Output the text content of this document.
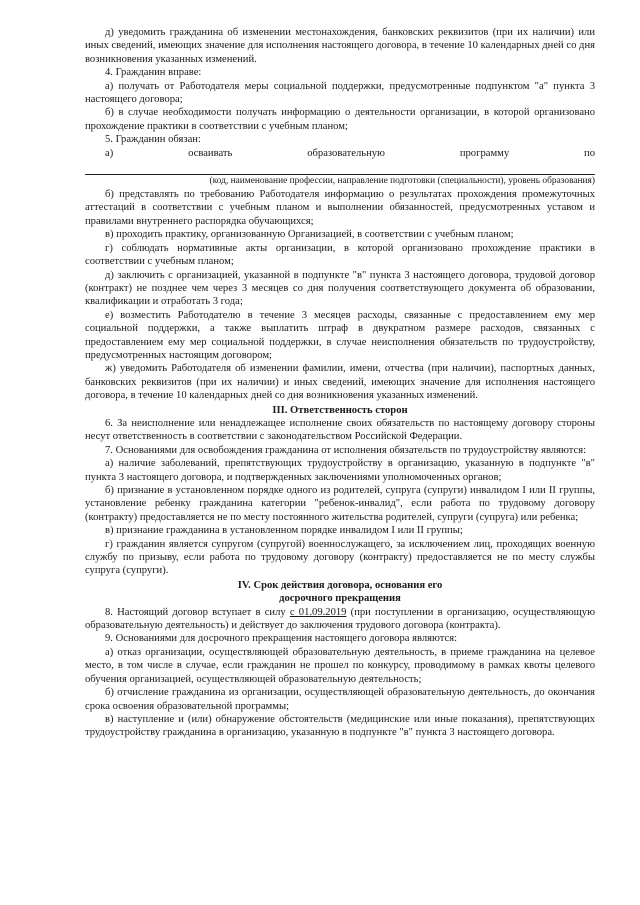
д) уведомить гражданина об изменении местонахождения, банковских реквизитов (при их наличии) или иных сведений, имеющих значение для исполнения настоящего договора, в течение 10 календарных дней со дня возникновения указанных изменений.

4. Гражданин вправе:

а) получать от Работодателя меры социальной поддержки, предусмотренные подпунктом "а" пункта 3 настоящего договора;

б) в случае необходимости получать информацию о деятельности организации, в которой организовано прохождение практики в соответствии с учебным планом;

5. Гражданин обязан:

а)	осваивать	образовательную	программу	по

(код, наименование профессии, направление подготовки (специальности), уровень образования)

б) представлять по требованию Работодателя информацию о результатах прохождения промежуточных аттестаций в соответствии с учебным планом и выполнении обязанностей, предусмотренных уставом и правилами внутреннего распорядка обучающихся;

в) проходить практику, организованную Организацией, в соответствии с учебным планом;

г) соблюдать нормативные акты организации, в которой организовано прохождение практики в соответствии с учебным планом;

д) заключить с организацией, указанной в подпункте "в" пункта 3 настоящего договора, трудовой договор (контракт) не позднее чем через 3 месяцев со дня получения соответствующего документа об образовании, квалификации и отработать 3 года;

е) возместить Работодателю в течение 3 месяцев расходы, связанные с предоставлением ему мер социальной поддержки, а также выплатить штраф в двукратном размере расходов, связанных с предоставлением ему мер социальной поддержки, в случае неисполнения обязательств по трудоустройству, предусмотренных настоящим договором;

ж) уведомить Работодателя об изменении фамилии, имени, отчества (при наличии), паспортных данных, банковских реквизитов (при их наличии) и иных сведений, имеющих значение для исполнения настоящего договора, в течение 10 календарных дней со дня возникновения указанных изменений.

III. Ответственность сторон

6. За неисполнение или ненадлежащее исполнение своих обязательств по настоящему договору стороны несут ответственность в соответствии с законодательством Российской Федерации.

7. Основаниями для освобождения гражданина от исполнения обязательств по трудоустройству являются:

а) наличие заболеваний, препятствующих трудоустройству в организацию, указанную в подпункте "в" пункта 3 настоящего договора, и подтвержденных заключениями уполномоченных органов;

б) признание в установленном порядке одного из родителей, супруга (супруги) инвалидом I или II группы, установление ребенку гражданина категории "ребенок-инвалид", если работа по трудовому договору (контракту) предоставляется не по месту постоянного жительства родителей, супруги (супруга) или ребенка;

в) признание гражданина в установленном порядке инвалидом I или II группы;

г) гражданин является супругом (супругой) военнослужащего, за исключением лиц, проходящих военную службу по призыву, если работа по трудовому договору (контракту) предоставляется не по месту службы супруга (супруги).

IV. Срок действия договора, основания его

досрочного прекращения

8. Настоящий договор вступает в силу с 01.09.2019 (при поступлении в организацию, осуществляющую образовательную деятельность) и действует до заключения трудового договора (контракта).

9. Основаниями для досрочного прекращения настоящего договора являются:

а) отказ организации, осуществляющей образовательную деятельность, в приеме гражданина на целевое место, в том числе в случае, если гражданин не прошел по конкурсу, проводимому в рамках квоты целевого обучения организацией, осуществляющей образовательную деятельность;

б) отчисление гражданина из организации, осуществляющей образовательную деятельность, до окончания срока освоения образовательной программы;

в) наступление и (или) обнаружение обстоятельств (медицинские или иные показания), препятствующих трудоустройству гражданина в организацию, указанную в подпункте "в" пункта 3 настоящего договора.
